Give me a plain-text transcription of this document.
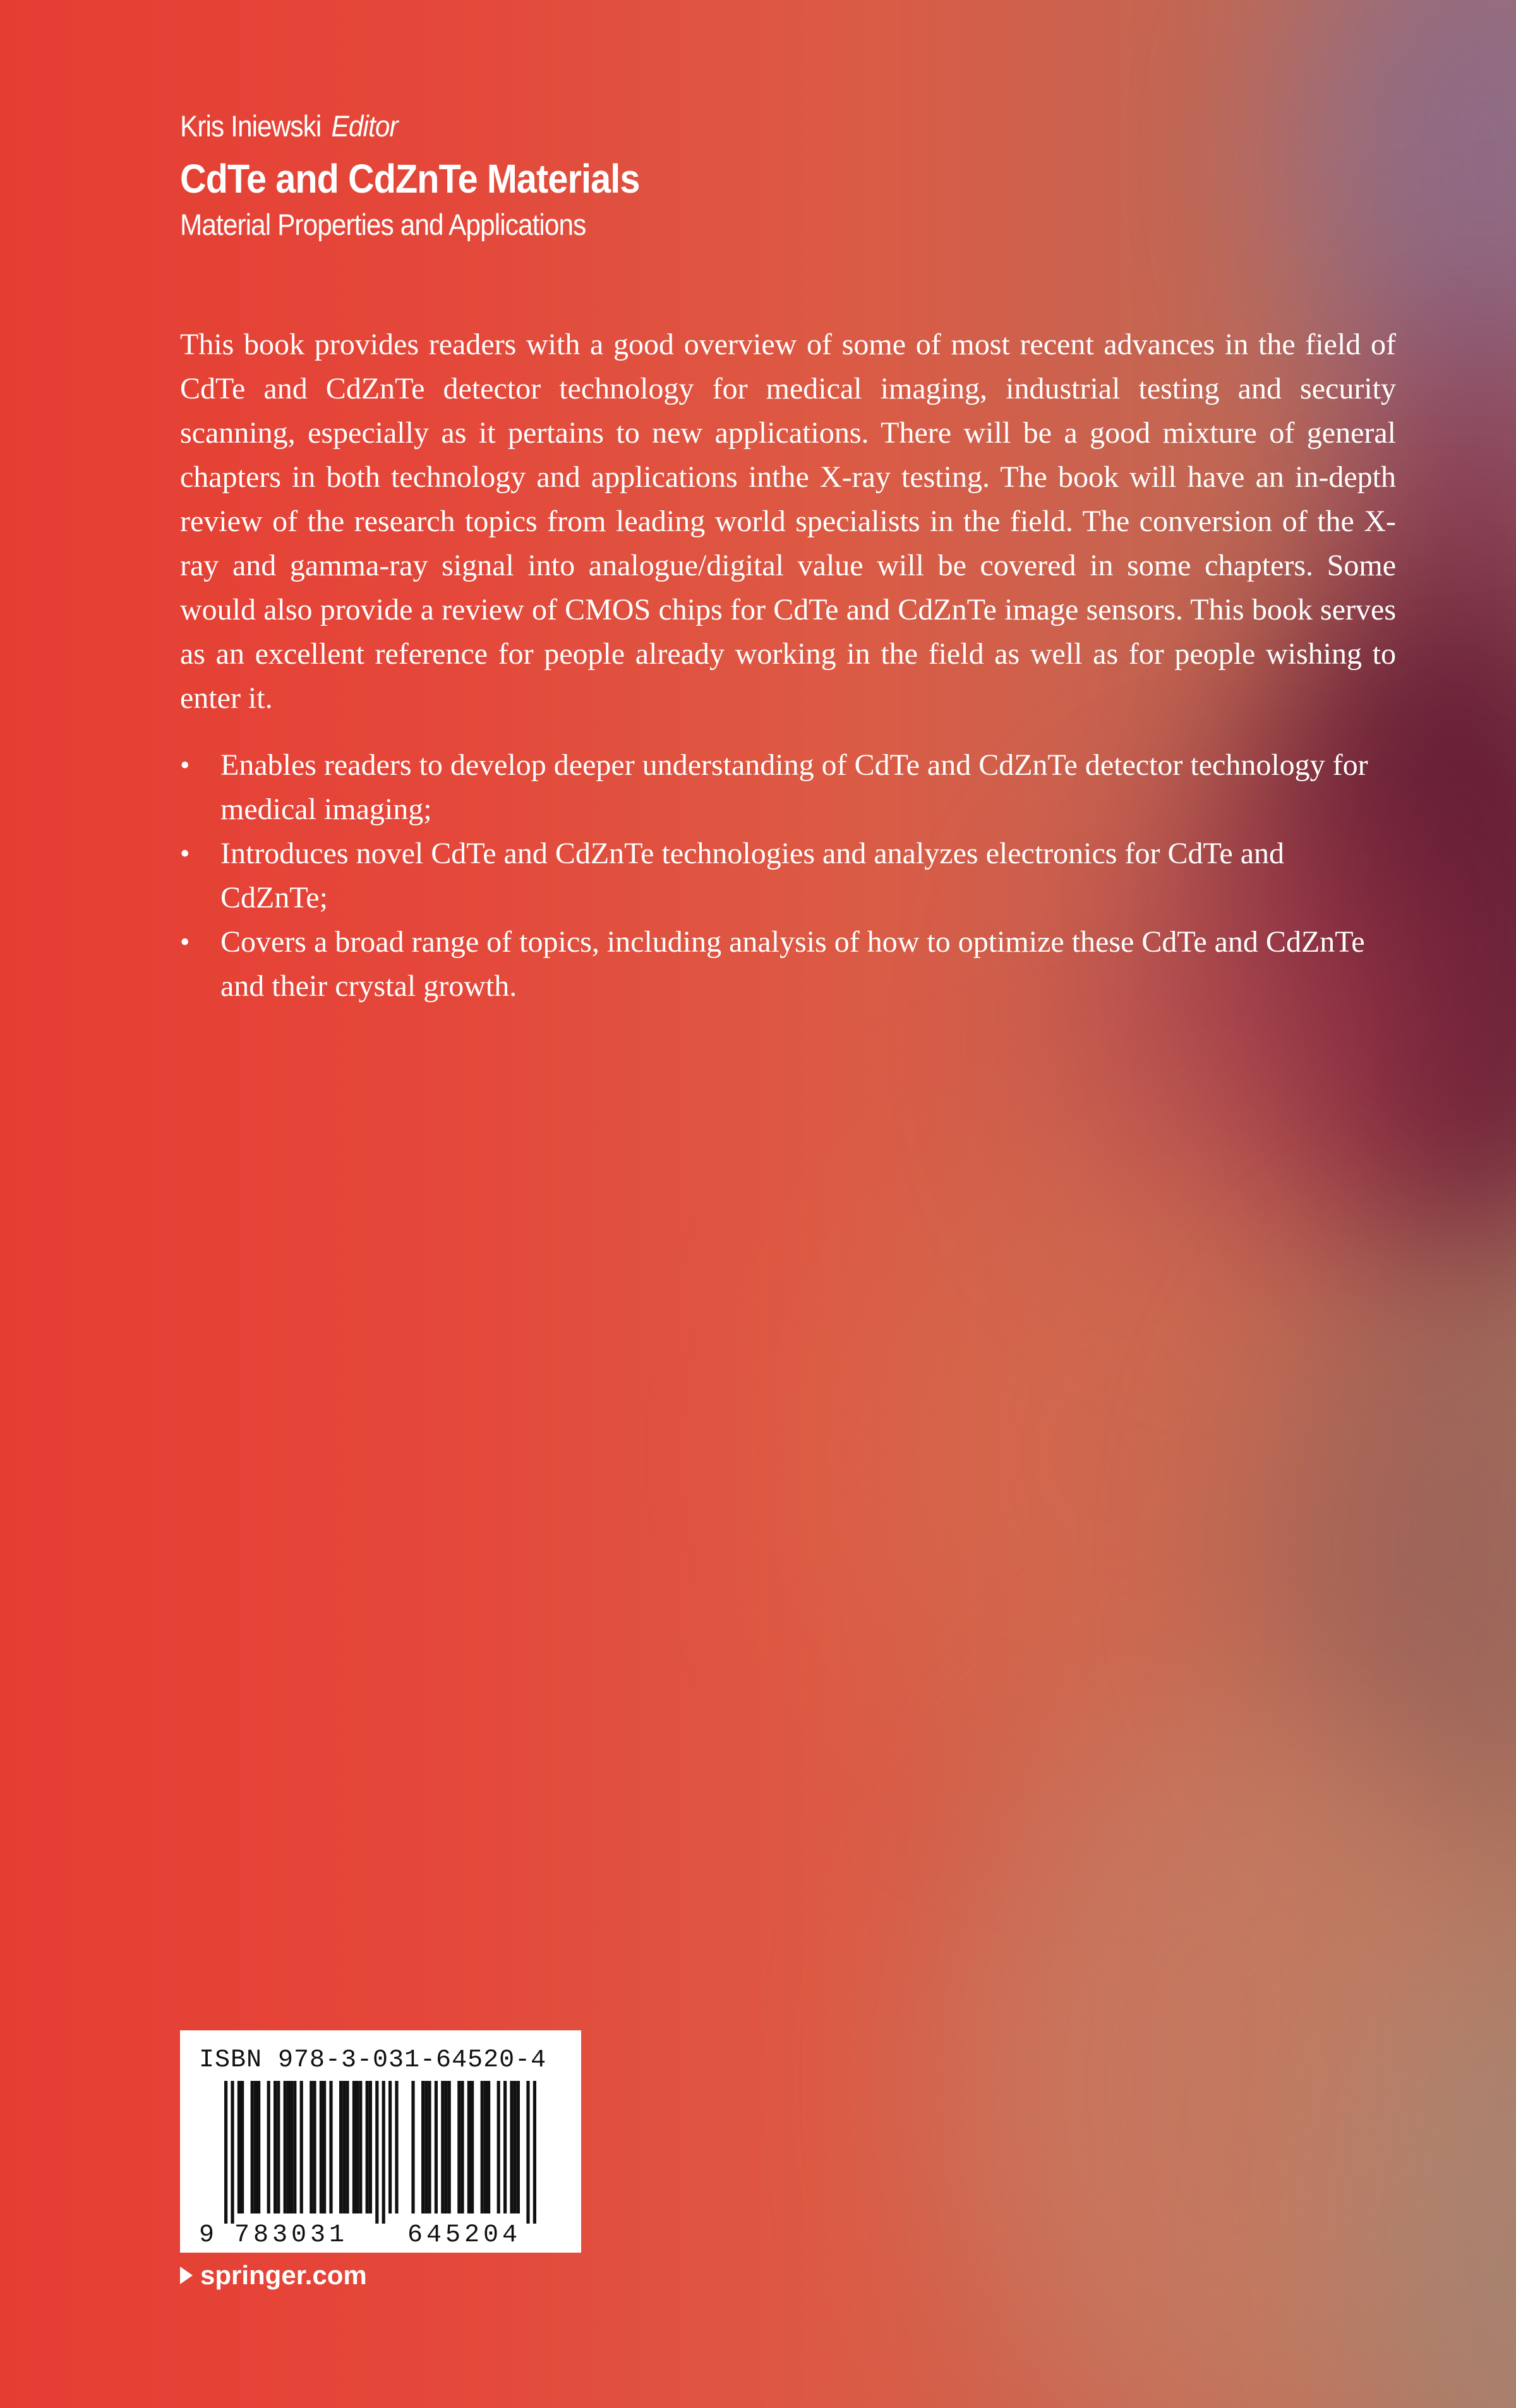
Kris Iniewski Editor
CdTe and CdZnTe Materials
Material Properties and Applications

This book provides readers with a good overview of some of most recent advances in the field of CdTe and CdZnTe detector technology for medical imaging, industrial testing and security scanning, especially as it pertains to new applications. There will be a good mixture of general chapters in both technology and applications inthe X-ray testing. The book will have an in-depth review of the research topics from leading world specialists in the field. The conversion of the X-ray and gamma-ray signal into analogue/digital value will be covered in some chapters. Some would also provide a review of CMOS chips for CdTe and CdZnTe image sensors. This book serves as an excellent reference for people already working in the field as well as for people wishing to enter it.

• Enables readers to develop deeper understanding of CdTe and CdZnTe detector technology for medical imaging;
• Introduces novel CdTe and CdZnTe technologies and analyzes electronics for CdTe and CdZnTe;
• Covers a broad range of topics, including analysis of how to optimize these CdTe and CdZnTe and their crystal growth.
ISBN 978-3-031-64520-4
9 783031 645204
springer.com
